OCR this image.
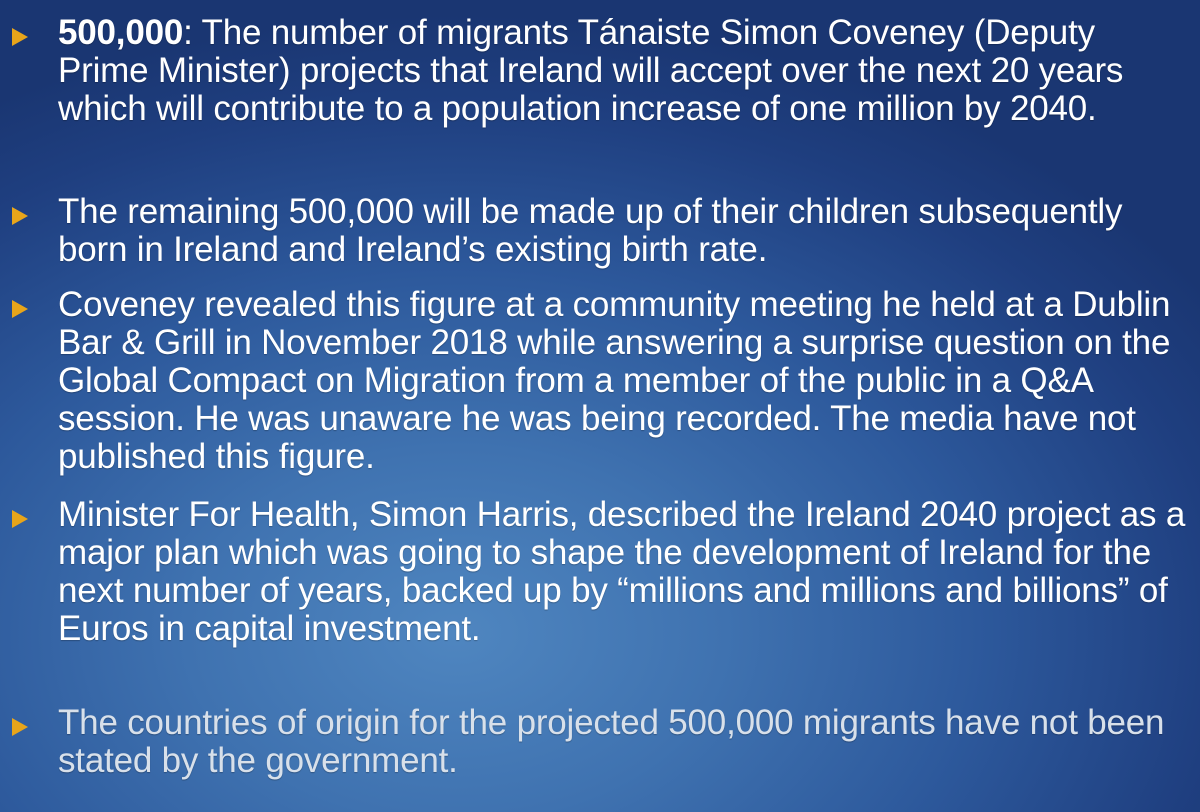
500,000: The number of migrants Tánaiste Simon Coveney (Deputy Prime Minister) projects that Ireland will accept over the next 20 years which will contribute to a population increase of one million by 2040.
The remaining 500,000 will be made up of their children subsequently born in Ireland and Ireland’s existing birth rate.
Coveney revealed this figure at a community meeting he held at a Dublin Bar & Grill in November 2018 while answering a surprise question on the Global Compact on Migration from a member of the public in a Q&A session. He was unaware he was being recorded. The media have not published this figure.
Minister For Health, Simon Harris, described the Ireland 2040 project as a major plan which was going to shape the development of Ireland for the next number of years, backed up by “millions and millions and billions” of Euros in capital investment.
The countries of origin for the projected 500,000 migrants have not been stated by the government.
